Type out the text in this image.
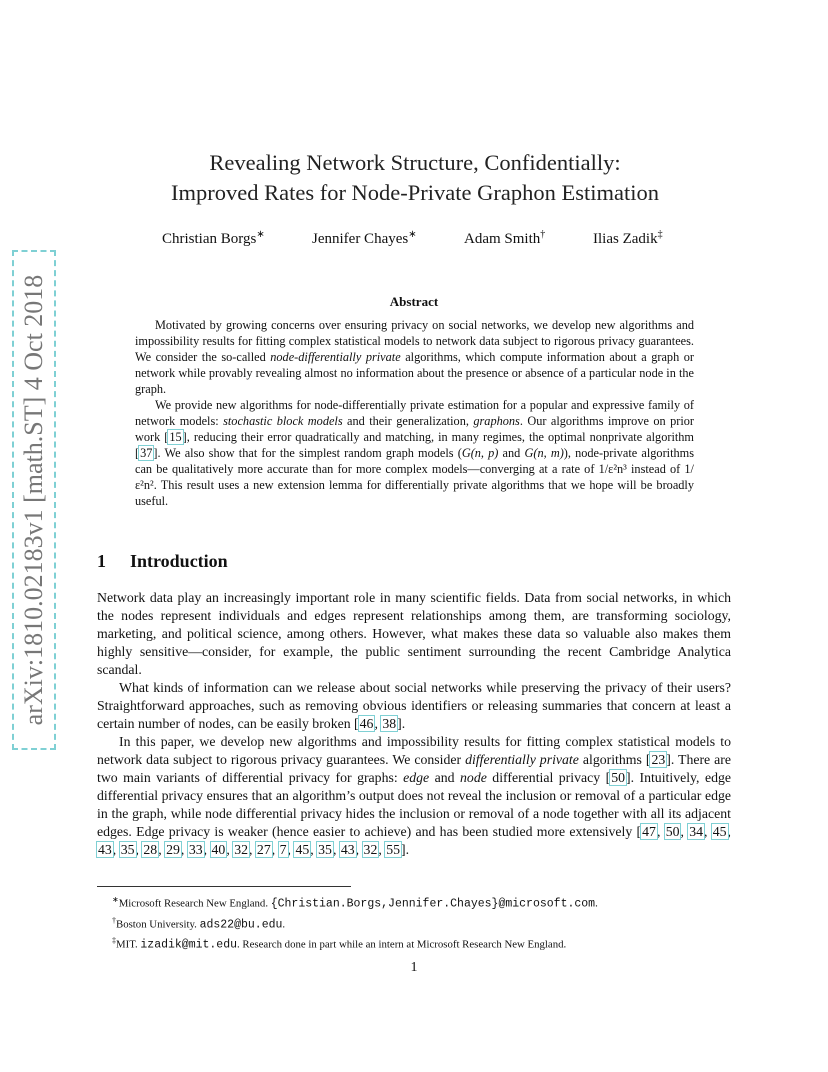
arXiv:1810.02183v1 [math.ST] 4 Oct 2018
Revealing Network Structure, Confidentially:
Improved Rates for Node-Private Graphon Estimation
Christian Borgs∗	Jennifer Chayes∗	Adam Smith†	Ilias Zadik‡
Abstract

Motivated by growing concerns over ensuring privacy on social networks, we develop new algorithms and impossibility results for fitting complex statistical models to network data subject to rigorous privacy guarantees. We consider the so-called node-differentially private algorithms, which compute information about a graph or network while provably revealing almost no information about the presence or absence of a particular node in the graph.

We provide new algorithms for node-differentially private estimation for a popular and expressive family of network models: stochastic block models and their generalization, graphons. Our algorithms improve on prior work [15], reducing their error quadratically and matching, in many regimes, the optimal nonprivate algorithm [37]. We also show that for the simplest random graph models (G(n, p) and G(n, m)), node-private algorithms can be qualitatively more accurate than for more complex models—converging at a rate of 1/ε²n³ instead of 1/ε²n². This result uses a new extension lemma for differentially private algorithms that we hope will be broadly useful.

1 Introduction

Network data play an increasingly important role in many scientific fields. Data from social networks, in which the nodes represent individuals and edges represent relationships among them, are transforming sociology, marketing, and political science, among others. However, what makes these data so valuable also makes them highly sensitive—consider, for example, the public sentiment surrounding the recent Cambridge Analytica scandal.

What kinds of information can we release about social networks while preserving the privacy of their users? Straightforward approaches, such as removing obvious identifiers or releasing summaries that concern at least a certain number of nodes, can be easily broken [46, 38].

In this paper, we develop new algorithms and impossibility results for fitting complex statistical models to network data subject to rigorous privacy guarantees. We consider differentially private algorithms [23]. There are two main variants of differential privacy for graphs: edge and node differential privacy [50]. Intuitively, edge differential privacy ensures that an algorithm’s output does not reveal the inclusion or removal of a particular edge in the graph, while node differential privacy hides the inclusion or removal of a node together with all its adjacent edges. Edge privacy is weaker (hence easier to achieve) and has been studied more extensively [47, 50, 34, 45, 43, 35, 28, 29, 33, 40, 32, 27, 7, 45, 35, 43, 32, 55].

∗Microsoft Research New England. {Christian.Borgs,Jennifer.Chayes}@microsoft.com.
†Boston University. ads22@bu.edu.
‡MIT. izadik@mit.edu. Research done in part while an intern at Microsoft Research New England.
1
